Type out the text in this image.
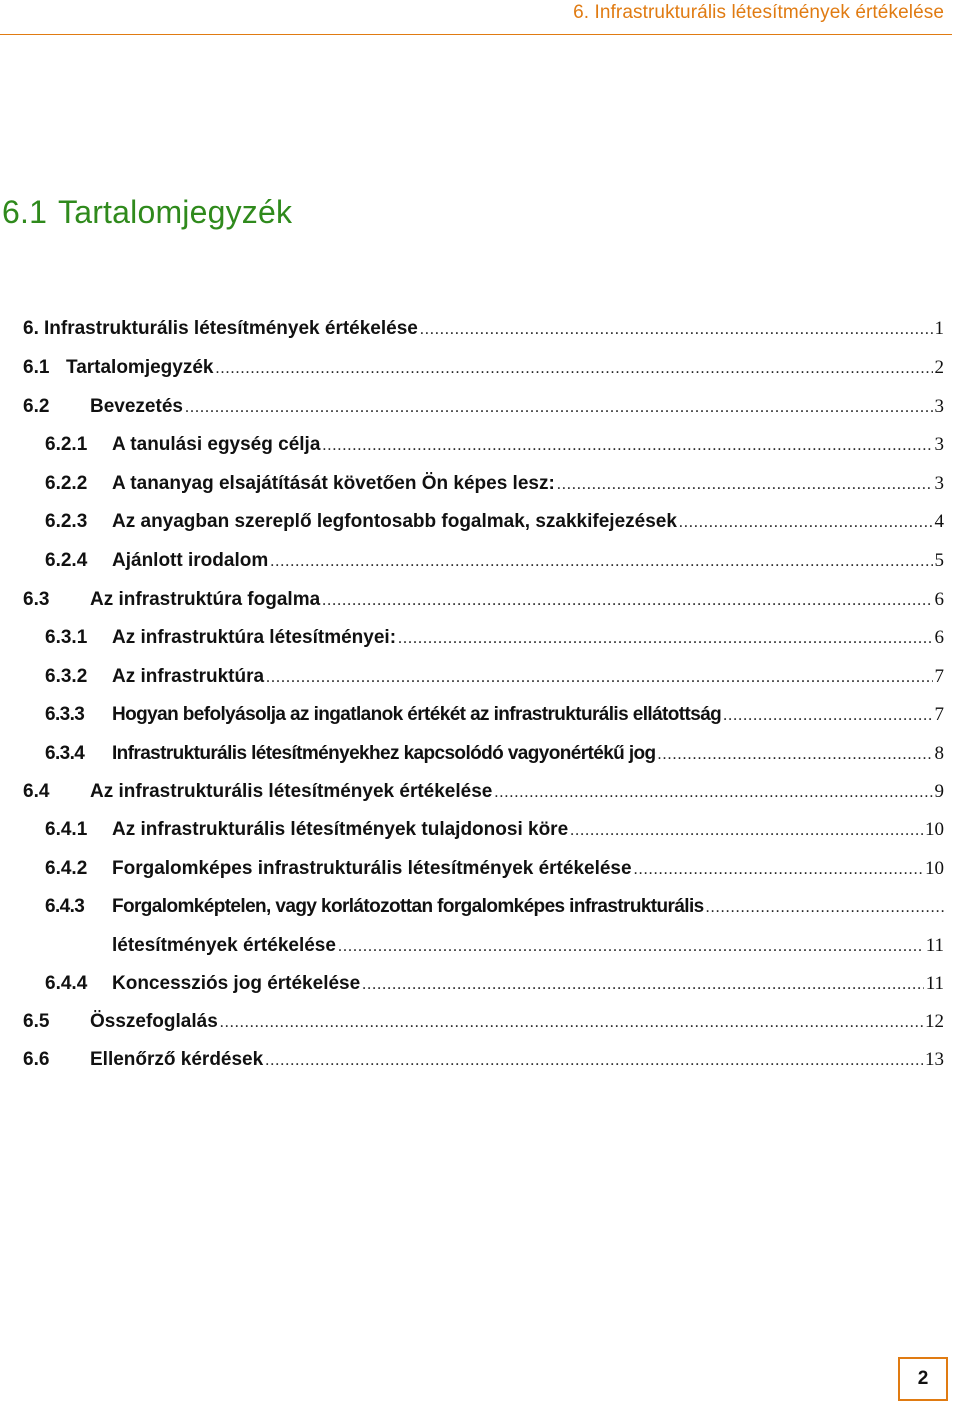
6. Infrastrukturális létesítmények értékelése
6.1 Tartalomjegyzék
6. Infrastrukturális létesítmények értékelése .....	1
6.1 Tartalomjegyzék .....	2
6.2	Bevezetés .....	3
6.2.1	A tanulási egység célja .....	3
6.2.2	A tananyag elsajátítását követően Ön képes lesz: .....	3
6.2.3	Az anyagban szereplő legfontosabb fogalmak, szakkifejezések .....	4
6.2.4	Ajánlott irodalom .....	5
6.3	Az infrastruktúra fogalma .....	6
6.3.1	Az infrastruktúra létesítményei: .....	6
6.3.2	Az infrastruktúra .....	7
6.3.3	Hogyan befolyásolja az ingatlanok értékét az infrastrukturális ellátottság .....	7
6.3.4	Infrastrukturális létesítményekhez kapcsolódó vagyonértékű jog .....	8
6.4	Az infrastrukturális létesítmények értékelése .....	9
6.4.1	Az infrastrukturális létesítmények tulajdonosi köre .....	10
6.4.2	Forgalomképes infrastrukturális létesítmények értékelése .....	10
6.4.3	Forgalomképtelen, vagy korlátozottan forgalomképes infrastrukturális
.....
létesítmények értékelése .....	11
6.4.4	Koncessziós jog értékelése .....	11
6.5	Összefoglalás .....	12
6.6	Ellenőrző kérdések .....	13
2
